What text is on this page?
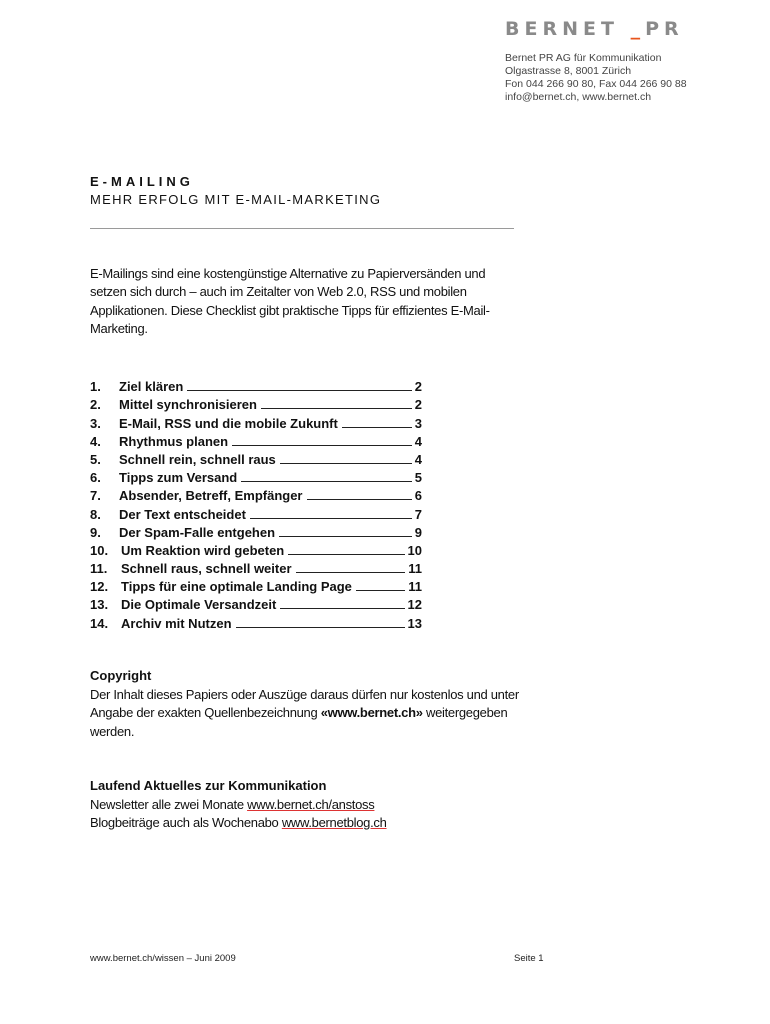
BERNET _PR
Bernet PR AG für Kommunikation
Olgastrasse 8, 8001 Zürich
Fon 044 266 90 80, Fax 044 266 90 88
info@bernet.ch, www.bernet.ch
E-MAILING
MEHR ERFOLG MIT E-MAIL-MARKETING
E-Mailings sind eine kostengünstige Alternative zu Papierversänden und setzen sich durch – auch im Zeitalter von Web 2.0, RSS und mobilen Applikationen. Diese Checklist gibt praktische Tipps für effizientes E-Mail-Marketing.
1.	Ziel klären	2
2.	Mittel synchronisieren	2
3.	E-Mail, RSS und die mobile Zukunft	3
4.	Rhythmus planen	4
5.	Schnell rein, schnell raus	4
6.	Tipps zum Versand	5
7.	Absender, Betreff, Empfänger	6
8.	Der Text entscheidet	7
9.	Der Spam-Falle entgehen	9
10. Um Reaktion wird gebeten	10
11.	Schnell raus, schnell weiter	11
12. Tipps für eine optimale Landing Page	11
13. Die Optimale Versandzeit	12
14. Archiv mit Nutzen	13
Copyright
Der Inhalt dieses Papiers oder Auszüge daraus dürfen nur kostenlos und unter Angabe der exakten Quellenbezeichnung «www.bernet.ch» weitergegeben werden.
Laufend Aktuelles zur Kommunikation
Newsletter alle zwei Monate www.bernet.ch/anstoss
Blogbeiträge auch als Wochenabo www.bernetblog.ch
www.bernet.ch/wissen – Juni 2009	Seite 1
